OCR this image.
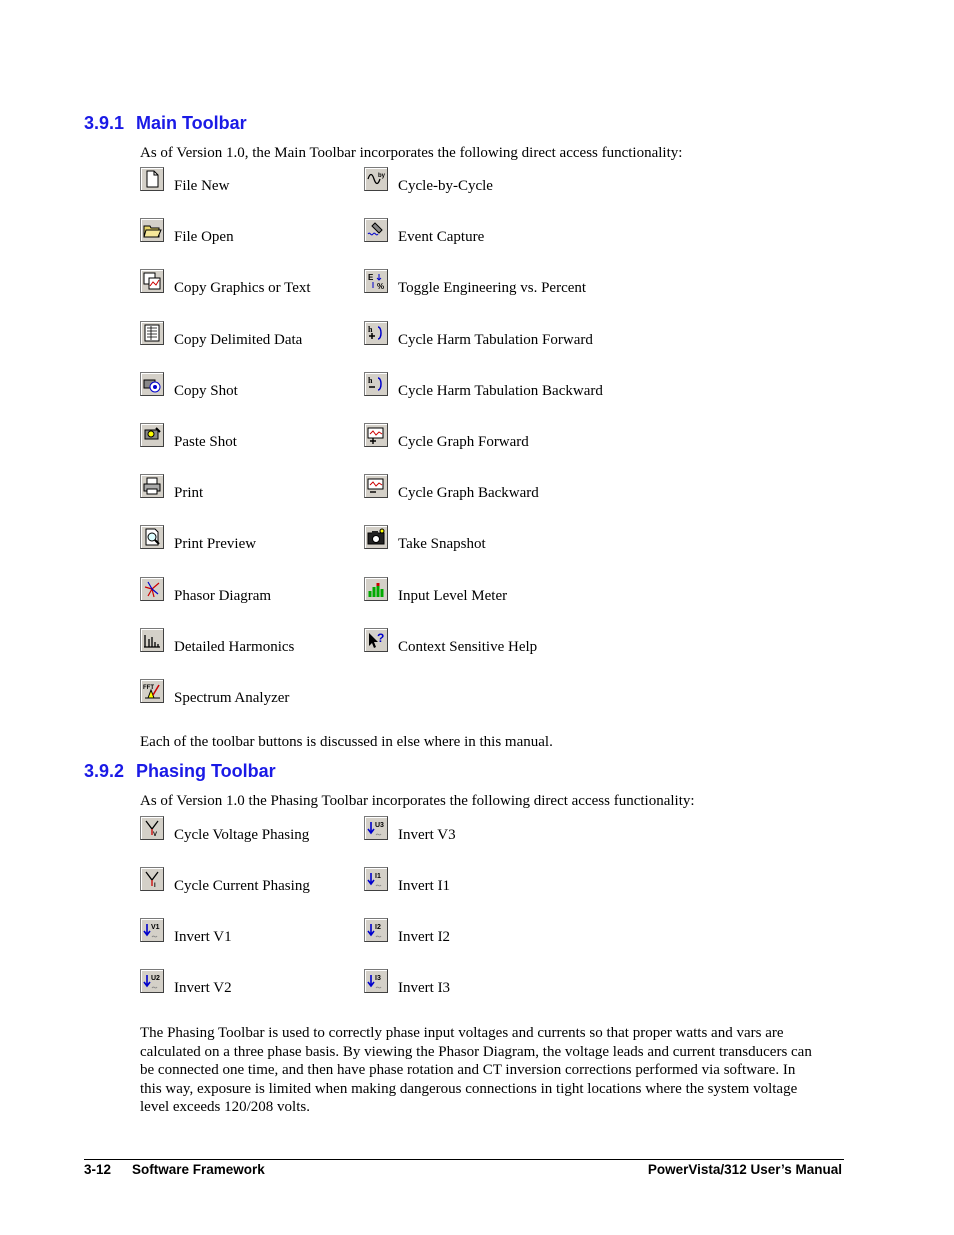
3.9.1 Main Toolbar
As of Version 1.0, the Main Toolbar incorporates the following direct access functionality:
File New
File Open
Copy Graphics or Text
Copy Delimited Data
Copy Shot
Paste Shot
Print
Print Preview
Phasor Diagram
Detailed Harmonics
FFT
Spectrum Analyzer
by
Cycle-by-Cycle
Event Capture
E
% Toggle Engineering vs. Percent
h
Cycle Harm Tabulation Forward
h
Cycle Harm Tabulation Backward
Cycle Graph Forward
Cycle Graph Backward
Take Snapshot
Input Level Meter
?
Context Sensitive Help
Each of the toolbar buttons is discussed in else where in this manual.
3.9.2 Phasing Toolbar
As of Version 1.0 the Phasing Toolbar incorporates the following direct access functionality:
V Cycle Voltage Phasing
I Cycle Current Phasing
V1
Invert V1
U2
Invert V2
U3
Invert V3
I1
Invert I1
I2
Invert I2
I3
Invert I3
The Phasing Toolbar is used to correctly phase input voltages and currents so that proper watts and vars are
calculated on a three phase basis. By viewing the Phasor Diagram, the voltage leads and current transducers can
be connected one time, and then have phase rotation and CT inversion corrections performed via software. In
this way, exposure is limited when making dangerous connections in tight locations where the system voltage
level exceeds 120/208 volts.
3-12 Software Framework	PowerVista/312 User’s Manual
